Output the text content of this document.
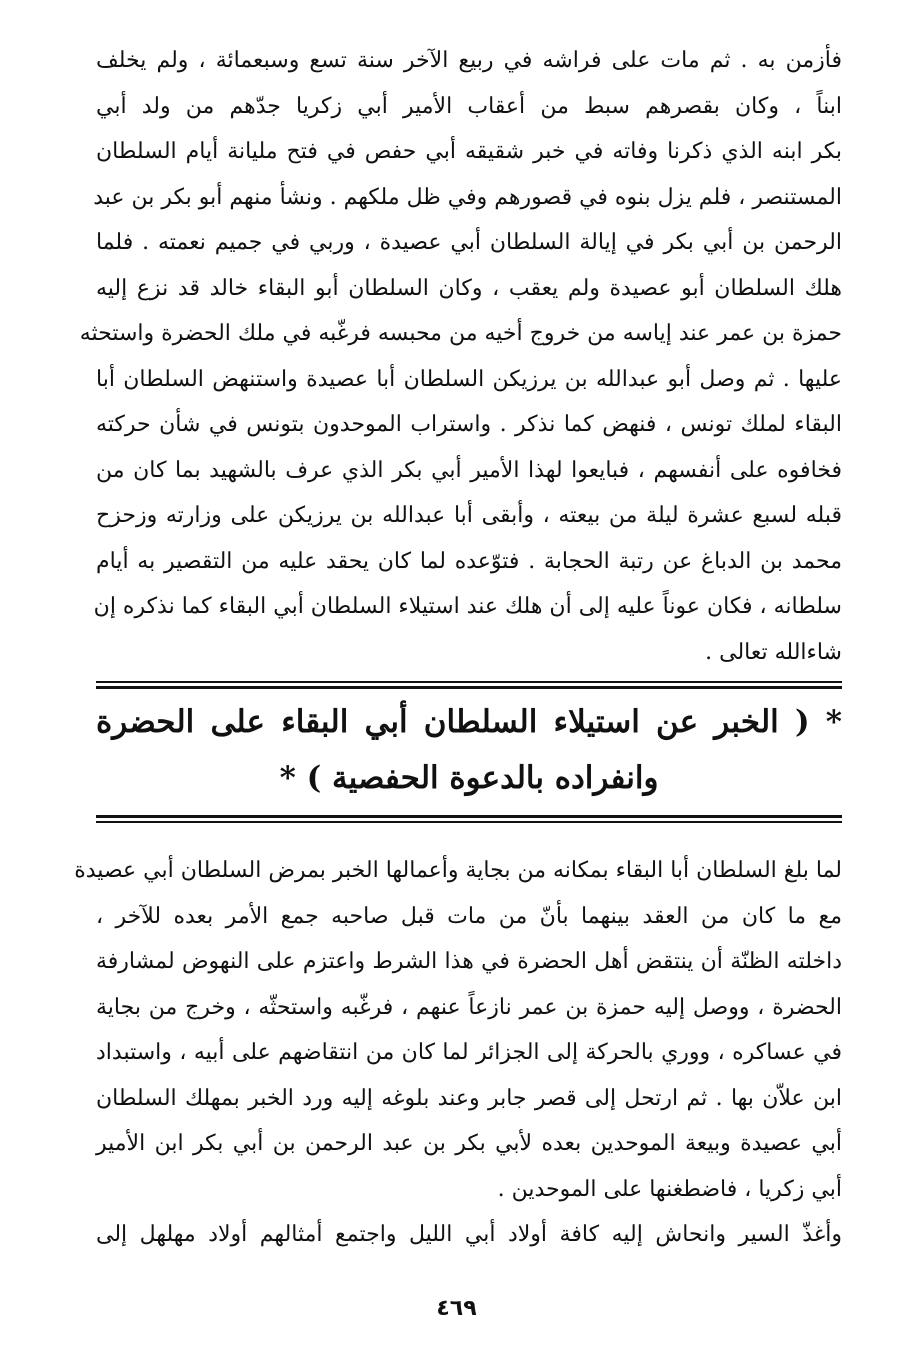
فأزمن به . ثم مات على فراشه في ربيع الآخر سنة تسع وسبعمائة ، ولم يخلف
ابناً ، وكان بقصرهم سبط من أعقاب الأمير أبي زكريا جدّهم من ولد أبي
بكر ابنه الذي ذكرنا وفاته في خبر شقيقه أبي حفص في فتح مليانة أيام السلطان
المستنصر ، فلم يزل بنوه في قصورهم وفي ظل ملكهم . ونشأ منهم أبو بكر بن عبد
الرحمن بن أبي بكر في إيالة السلطان أبي عصيدة ، وربي في جميم نعمته . فلما
هلك السلطان أبو عصيدة ولم يعقب ، وكان السلطان أبو البقاء خالد قد نزع إليه
حمزة بن عمر عند إياسه من خروج أخيه من محبسه فرغّبه في ملك الحضرة واستحثه
عليها . ثم وصل أبو عبدالله بن يرزيكن السلطان أبا عصيدة واستنهض السلطان أبا
البقاء لملك تونس ، فنهض كما نذكر . واستراب الموحدون بتونس في شأن حركته
فخافوه على أنفسهم ، فبايعوا لهذا الأمير أبي بكر الذي عرف بالشهيد بما كان من
قبله لسبع عشرة ليلة من بيعته ، وأبقى أبا عبدالله بن يرزيكن على وزارته وزحزح
محمد بن الدباغ عن رتبة الحجابة . فتوّعده لما كان يحقد عليه من التقصير به أيام
سلطانه ، فكان عوناً عليه إلى أن هلك عند استيلاء السلطان أبي البقاء كما نذكره إن
شاءالله تعالى .

* ( الخبر عن استيلاء السلطان أبي البقاء على الحضرة
وانفراده بالدعوة الحفصية ) *

لما بلغ السلطان أبا البقاء بمكانه من بجاية وأعمالها الخبر بمرض السلطان أبي عصيدة
مع ما كان من العقد بينهما بأنّ من مات قبل صاحبه جمع الأمر بعده للآخر ،
داخلته الظنّة أن ينتقض أهل الحضرة في هذا الشرط واعتزم على النهوض لمشارفة
الحضرة ، ووصل إليه حمزة بن عمر نازعاً عنهم ، فرغّبه واستحثّه ، وخرج من بجاية
في عساكره ، ووري بالحركة إلى الجزائر لما كان من انتقاضهم على أبيه ، واستبداد
ابن علاّن بها . ثم ارتحل إلى قصر جابر وعند بلوغه إليه ورد الخبر بمهلك السلطان
أبي عصيدة وبيعة الموحدين بعده لأبي بكر بن عبد الرحمن بن أبي بكر ابن الأمير
أبي زكريا ، فاضطغنها على الموحدين .
وأغذّ السير وانحاش إليه كافة أولاد أبي الليل واجتمع أمثالهم أولاد مهلهل إلى

٤٦٩
